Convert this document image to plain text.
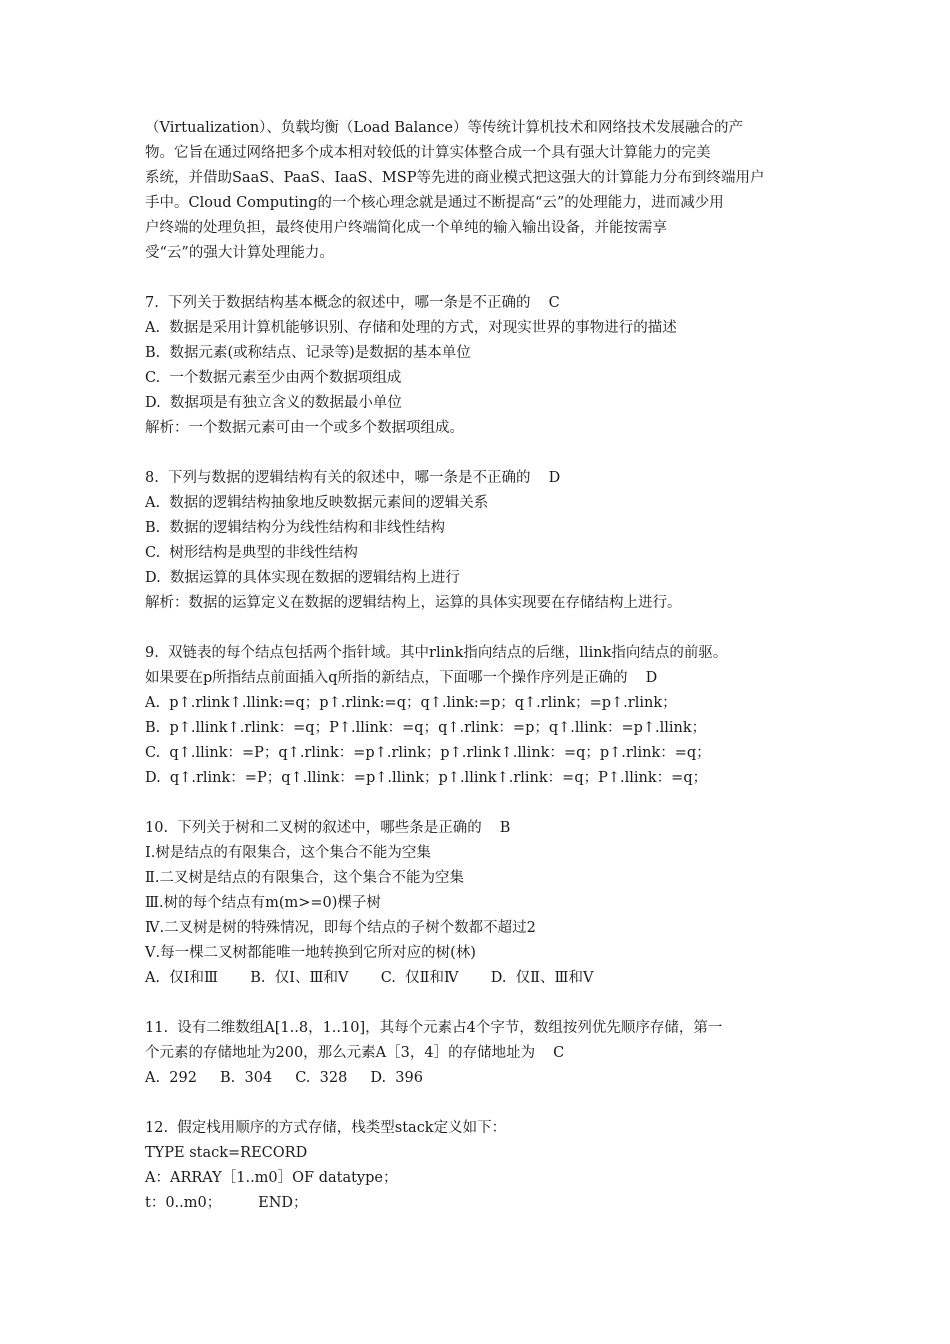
（Virtualization）、负载均衡（Load Balance）等传统计算机技术和网络技术发展融合的产
物。它旨在通过网络把多个成本相对较低的计算实体整合成一个具有强大计算能力的完美
系统，并借助SaaS、PaaS、IaaS、MSP等先进的商业模式把这强大的计算能力分布到终端用户
手中。Cloud Computing的一个核心理念就是通过不断提高“云”的处理能力，进而减少用
户终端的处理负担，最终使用户终端简化成一个单纯的输入输出设备，并能按需享
受“云”的强大计算处理能力。
7.  下列关于数据结构基本概念的叙述中，哪一条是不正确的 C
A.  数据是采用计算机能够识别、存储和处理的方式，对现实世界的事物进行的描述
B.  数据元素(或称结点、记录等)是数据的基本单位
C.  一个数据元素至少由两个数据项组成
D.  数据项是有独立含义的数据最小单位
解析：一个数据元素可由一个或多个数据项组成。
8.  下列与数据的逻辑结构有关的叙述中，哪一条是不正确的 D
A.  数据的逻辑结构抽象地反映数据元素间的逻辑关系
B.  数据的逻辑结构分为线性结构和非线性结构
C.  树形结构是典型的非线性结构
D.  数据运算的具体实现在数据的逻辑结构上进行
解析：数据的运算定义在数据的逻辑结构上，运算的具体实现要在存储结构上进行。
9.  双链表的每个结点包括两个指针域。其中rlink指向结点的后继，llink指向结点的前驱。
如果要在p所指结点前面插入q所指的新结点，下面哪一个操作序列是正确的 D
A.  p↑.rlink↑.llink:=q；p↑.rlink:=q；q↑.link:=p；q↑.rlink；=p↑.rlink；
B.  p↑.llink↑.rlink：=q；P↑.llink：=q；q↑.rlink：=p；q↑.llink：=p↑.llink；
C.  q↑.llink：=P；q↑.rlink：=p↑.rlink；p↑.rlink↑.llink：=q；p↑.rlink：=q；
D.  q↑.rlink：=P；q↑.llink：=p↑.llink；p↑.llink↑.rlink：=q；P↑.llink：=q；
10.  下列关于树和二叉树的叙述中，哪些条是正确的 B
Ⅰ.树是结点的有限集合，这个集合不能为空集
Ⅱ.二叉树是结点的有限集合，这个集合不能为空集
Ⅲ.树的每个结点有m(m>=0)棵子树
Ⅳ.二叉树是树的特殊情况，即每个结点的子树个数都不超过2
Ⅴ.每一棵二叉树都能唯一地转换到它所对应的树(林)
A.  仅Ⅰ和Ⅲ       B.  仅Ⅰ、Ⅲ和Ⅴ       C.  仅Ⅱ和Ⅳ       D.  仅Ⅱ、Ⅲ和Ⅴ
11.  设有二维数组A[1..8，1..10]，其每个元素占4个字节，数组按列优先顺序存储，第一
个元素的存储地址为200，那么元素A［3，4］的存储地址为 C
A.  292     B.  304     C.  328     D.  396
12.  假定栈用顺序的方式存储，栈类型stack定义如下：
TYPE stack=RECORD
A：ARRAY［1..m0］OF datatype；
t：0..m0；        END；
